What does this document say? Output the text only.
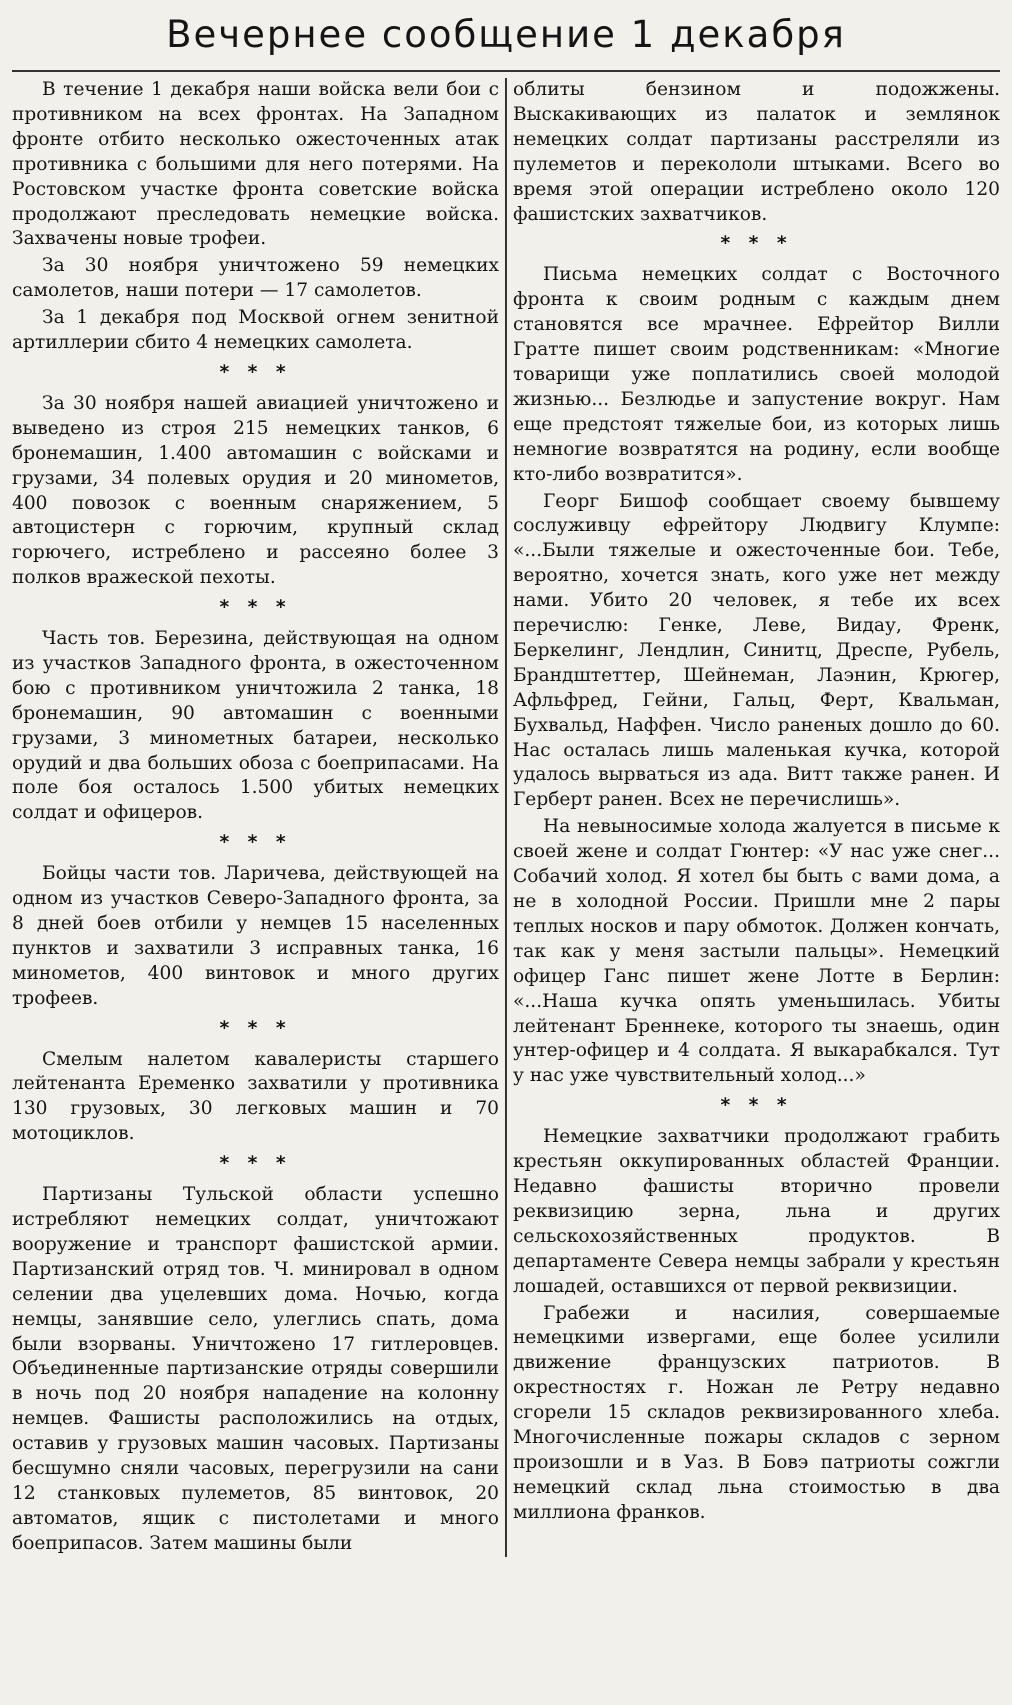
Вечернее сообщение 1 декабря

В течение 1 декабря наши войска вели бои с противником на всех фронтах. На Западном фронте отбито несколько ожесточенных атак противника с большими для него потерями. На Ростовском участке фронта советские войска продолжают преследовать немецкие войска. Захвачены новые трофеи.

За 30 ноября уничтожено 59 немецких самолетов, наши потери — 17 самолетов.

За 1 декабря под Москвой огнем зенитной артиллерии сбито 4 немецких самолета.

* * *

За 30 ноября нашей авиацией уничтожено и выведено из строя 215 немецких танков, 6 бронемашин, 1.400 автомашин с войсками и грузами, 34 полевых орудия и 20 минометов, 400 повозок с военным снаряжением, 5 автоцистерн с горючим, крупный склад горючего, истреблено и рассеяно более 3 полков вражеской пехоты.

* * *

Часть тов. Березина, действующая на одном из участков Западного фронта, в ожесточенном бою с противником уничтожила 2 танка, 18 бронемашин, 90 автомашин с военными грузами, 3 минометных батареи, несколько орудий и два больших обоза с боеприпасами. На поле боя осталось 1.500 убитых немецких солдат и офицеров.

* * *

Бойцы части тов. Ларичева, действующей на одном из участков Северо-Западного фронта, за 8 дней боев отбили у немцев 15 населенных пунктов и захватили 3 исправных танка, 16 минометов, 400 винтовок и много других трофеев.

* * *

Смелым налетом кавалеристы старшего лейтенанта Еременко захватили у противника 130 грузовых, 30 легковых машин и 70 мотоциклов.

* * *

Партизаны Тульской области успешно истребляют немецких солдат, уничтожают вооружение и транспорт фашистской армии. Партизанский отряд тов. Ч. минировал в одном селении два уцелевших дома. Ночью, когда немцы, занявшие село, улеглись спать, дома были взорваны. Уничтожено 17 гитлеровцев. Объединенные партизанские отряды совершили в ночь под 20 ноября нападение на колонну немцев. Фашисты расположились на отдых, оставив у грузовых машин часовых. Партизаны бесшумно сняли часовых, перегрузили на сани 12 станковых пулеметов, 85 винтовок, 20 автоматов, ящик с пистолетами и много боеприпасов. Затем машины были

облиты бензином и подожжены. Выскакивающих из палаток и землянок немецких солдат партизаны расстреляли из пулеметов и перекололи штыками. Всего во время этой операции истреблено около 120 фашистских захватчиков.

* * *

Письма немецких солдат с Восточного фронта к своим родным с каждым днем становятся все мрачнее. Ефрейтор Вилли Гратте пишет своим родственникам: «Многие товарищи уже поплатились своей молодой жизнью... Безлюдье и запустение вокруг. Нам еще предстоят тяжелые бои, из которых лишь немногие возвратятся на родину, если вообще кто-либо возвратится».

Георг Бишоф сообщает своему бывшему сослуживцу ефрейтору Людвигу Клумпе: «...Были тяжелые и ожесточенные бои. Тебе, вероятно, хочется знать, кого уже нет между нами. Убито 20 человек, я тебе их всех перечислю: Генке, Леве, Видау, Френк, Беркелинг, Лендлин, Синитц, Дреспе, Рубель, Брандштеттер, Шейнеман, Лаэнин, Крюгер, Афльфред, Гейни, Гальц, Ферт, Квальман, Бухвальд, Наффен. Число раненых дошло до 60. Нас осталась лишь маленькая кучка, которой удалось вырваться из ада. Витт также ранен. И Герберт ранен. Всех не перечислишь».

На невыносимые холода жалуется в письме к своей жене и солдат Гюнтер: «У нас уже снег... Собачий холод. Я хотел бы быть с вами дома, а не в холодной России. Пришли мне 2 пары теплых носков и пару обмоток. Должен кончать, так как у меня застыли пальцы». Немецкий офицер Ганс пишет жене Лотте в Берлин: «...Наша кучка опять уменьшилась. Убиты лейтенант Бреннеке, которого ты знаешь, один унтер-офицер и 4 солдата. Я выкарабкался. Тут у нас уже чувствительный холод...»

* * *

Немецкие захватчики продолжают грабить крестьян оккупированных областей Франции. Недавно фашисты вторично провели реквизицию зерна, льна и других сельскохозяйственных продуктов. В департаменте Севера немцы забрали у крестьян лошадей, оставшихся от первой реквизиции.

Грабежи и насилия, совершаемые немецкими извергами, еще более усилили движение французских патриотов. В окрестностях г. Ножан ле Ретру недавно сгорели 15 складов реквизированного хлеба. Многочисленные пожары складов с зерном произошли и в Уаз. В Бовэ патриоты сожгли немецкий склад льна стоимостью в два миллиона франков.
